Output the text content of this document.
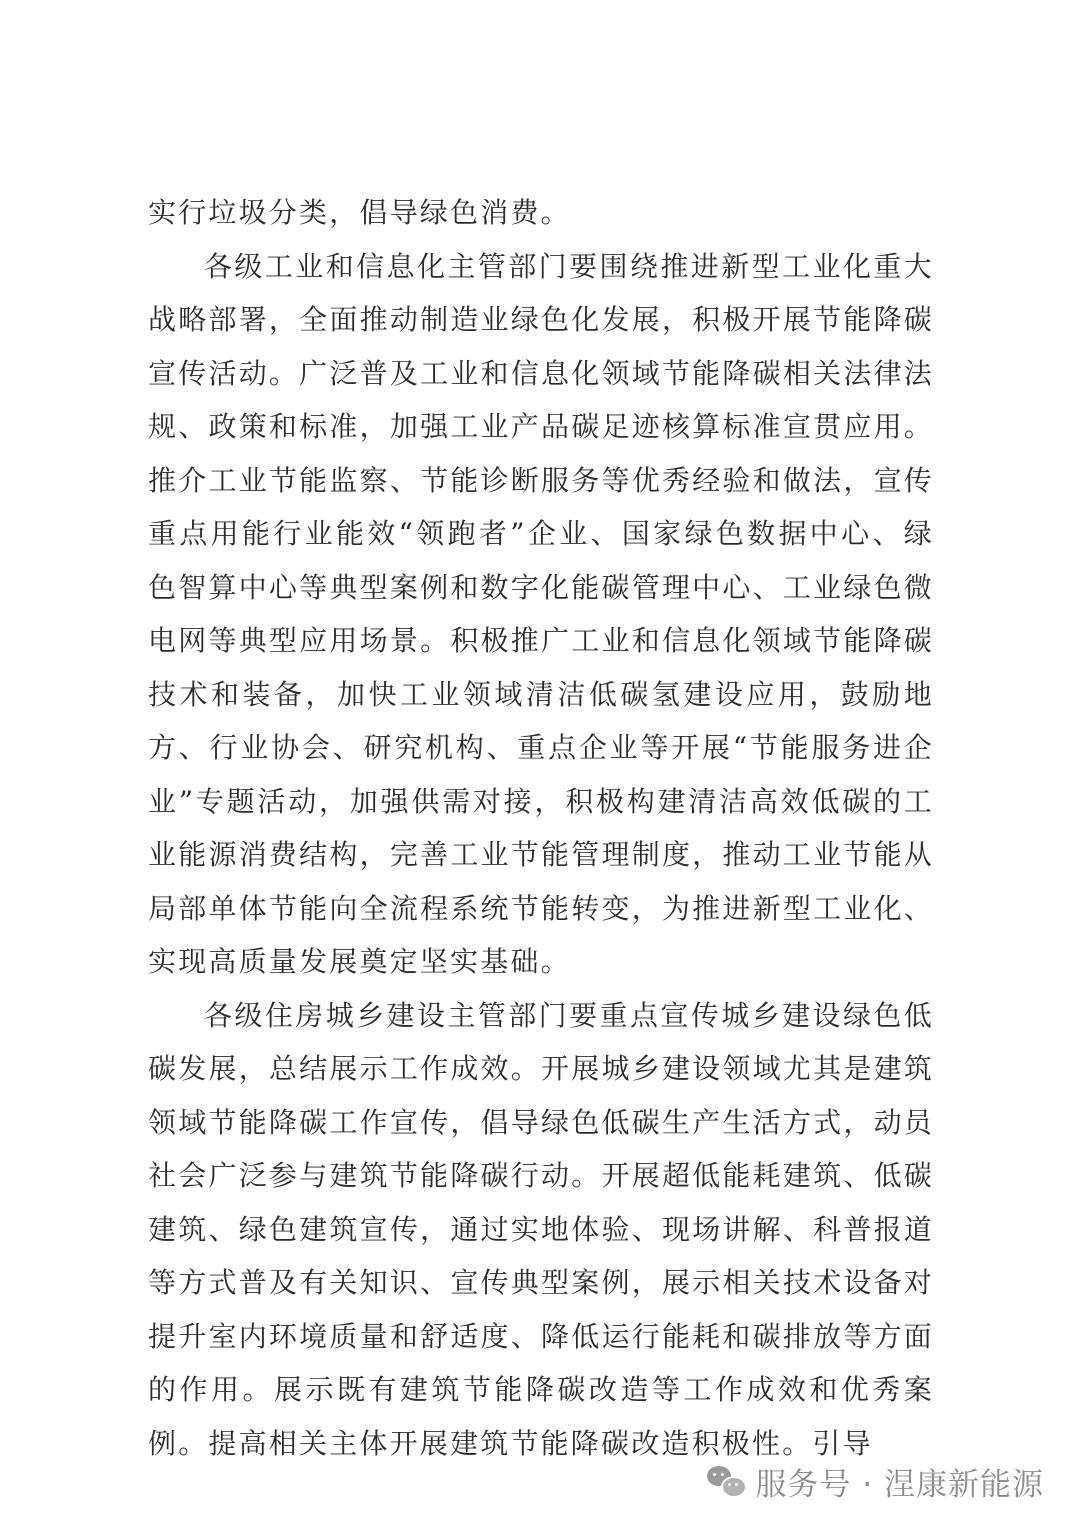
实行垃圾分类，倡导绿色消费。

各级工业和信息化主管部门要围绕推进新型工业化重大战略部署，全面推动制造业绿色化发展，积极开展节能降碳宣传活动。广泛普及工业和信息化领域节能降碳相关法律法规、政策和标准，加强工业产品碳足迹核算标准宣贯应用。推介工业节能监察、节能诊断服务等优秀经验和做法，宣传重点用能行业能效“领跑者”企业、国家绿色数据中心、绿色智算中心等典型案例和数字化能碳管理中心、工业绿色微电网等典型应用场景。积极推广工业和信息化领域节能降碳技术和装备，加快工业领域清洁低碳氢建设应用，鼓励地方、行业协会、研究机构、重点企业等开展“节能服务进企业”专题活动，加强供需对接，积极构建清洁高效低碳的工业能源消费结构，完善工业节能管理制度，推动工业节能从局部单体节能向全流程系统节能转变，为推进新型工业化、实现高质量发展奠定坚实基础。

各级住房城乡建设主管部门要重点宣传城乡建设绿色低碳发展，总结展示工作成效。开展城乡建设领域尤其是建筑领域节能降碳工作宣传，倡导绿色低碳生产生活方式，动员社会广泛参与建筑节能降碳行动。开展超低能耗建筑、低碳建筑、绿色建筑宣传，通过实地体验、现场讲解、科普报道等方式普及有关知识、宣传典型案例，展示相关技术设备对提升室内环境质量和舒适度、降低运行能耗和碳排放等方面的作用。展示既有建筑节能降碳改造等工作成效和优秀案例。提高相关主体开展建筑节能降碳改造积极性。引导

服务号 · 涅康新能源
